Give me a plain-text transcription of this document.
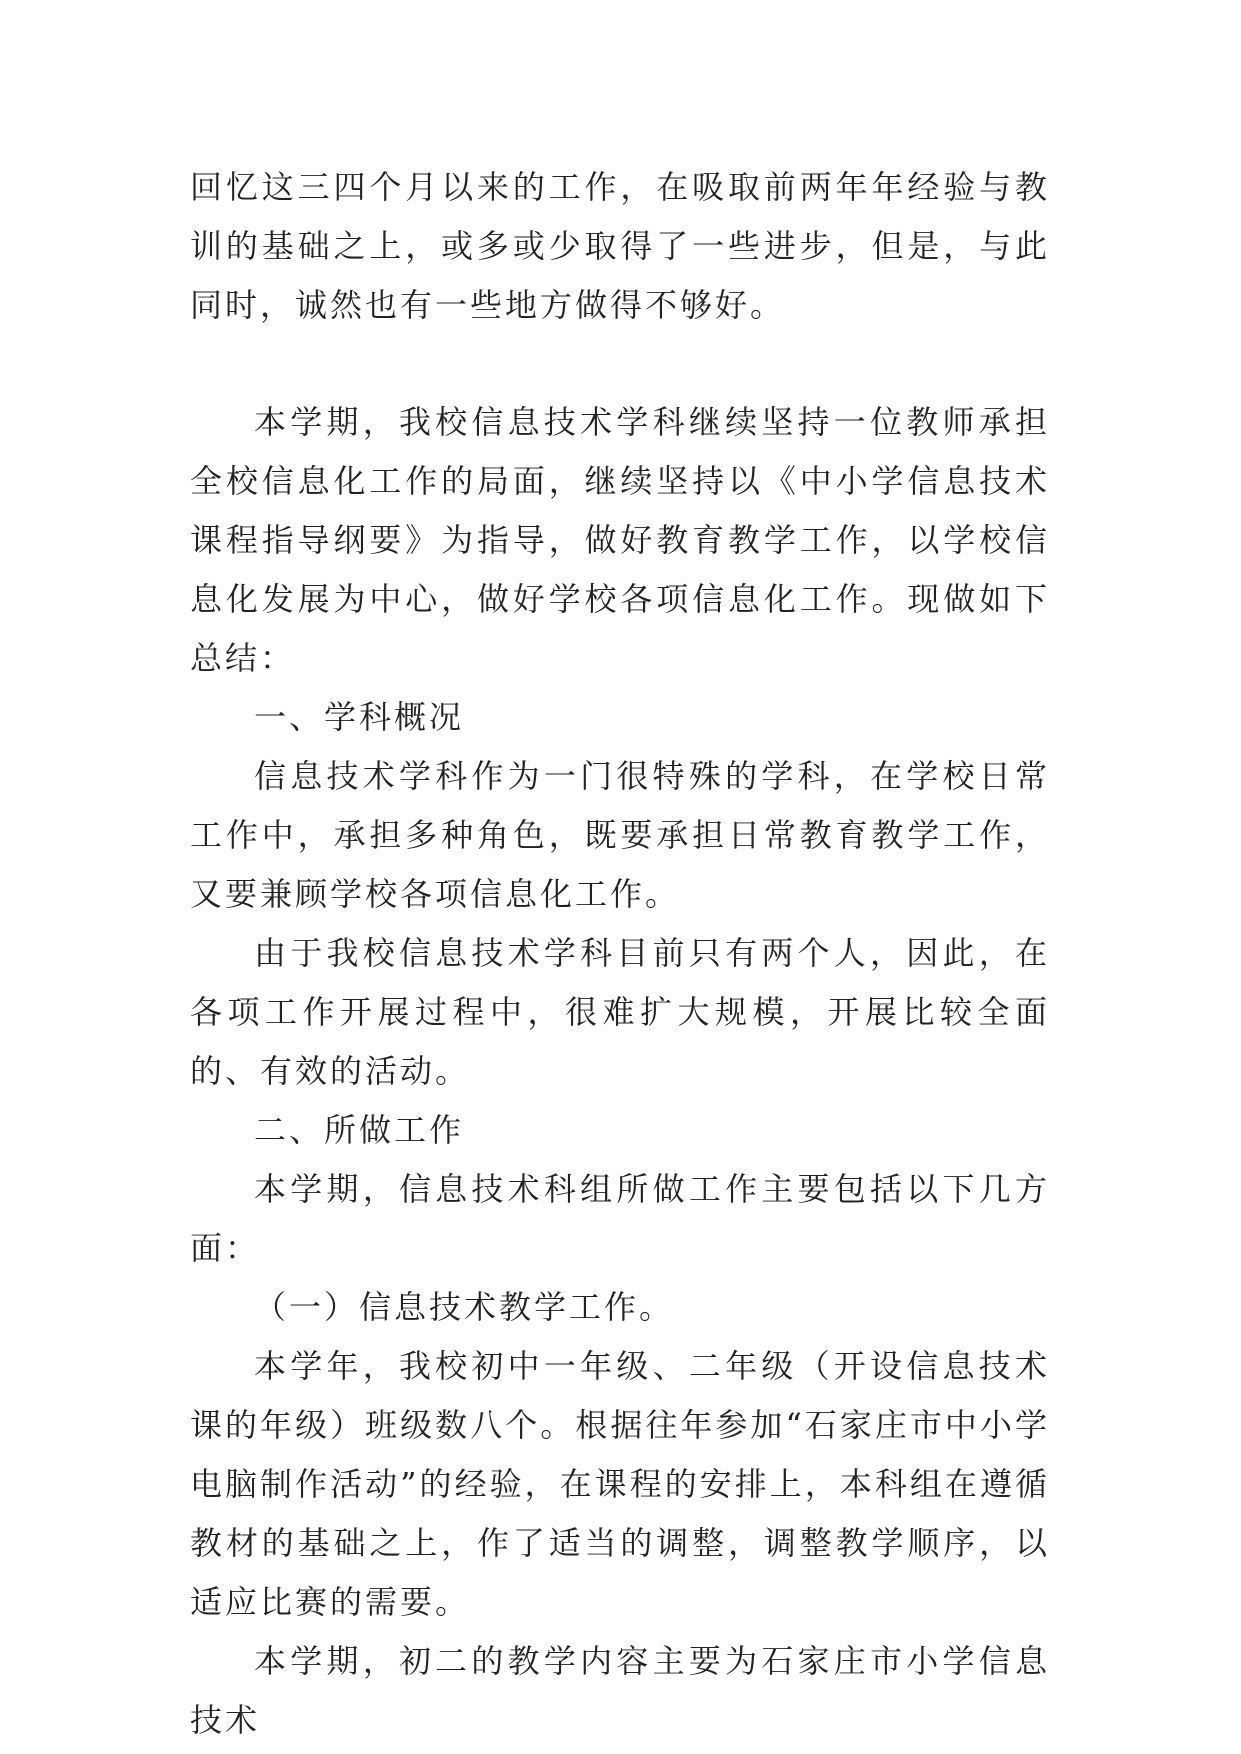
回忆这三四个月以来的工作，在吸取前两年年经验与教训的基础之上，或多或少取得了一些进步，但是，与此同时，诚然也有一些地方做得不够好。

本学期，我校信息技术学科继续坚持一位教师承担全校信息化工作的局面，继续坚持以《中小学信息技术课程指导纲要》为指导，做好教育教学工作，以学校信息化发展为中心，做好学校各项信息化工作。现做如下总结：

一、学科概况

信息技术学科作为一门很特殊的学科，在学校日常工作中，承担多种角色，既要承担日常教育教学工作，又要兼顾学校各项信息化工作。

由于我校信息技术学科目前只有两个人，因此，在各项工作开展过程中，很难扩大规模，开展比较全面的、有效的活动。

二、所做工作

本学期，信息技术科组所做工作主要包括以下几方面：

（一）信息技术教学工作。

本学年，我校初中一年级、二年级（开设信息技术课的年级）班级数八个。根据往年参加“石家庄市中小学电脑制作活动”的经验，在课程的安排上，本科组在遵循教材的基础之上，作了适当的调整，调整教学顺序，以适应比赛的需要。

本学期，初二的教学内容主要为石家庄市小学信息技术
